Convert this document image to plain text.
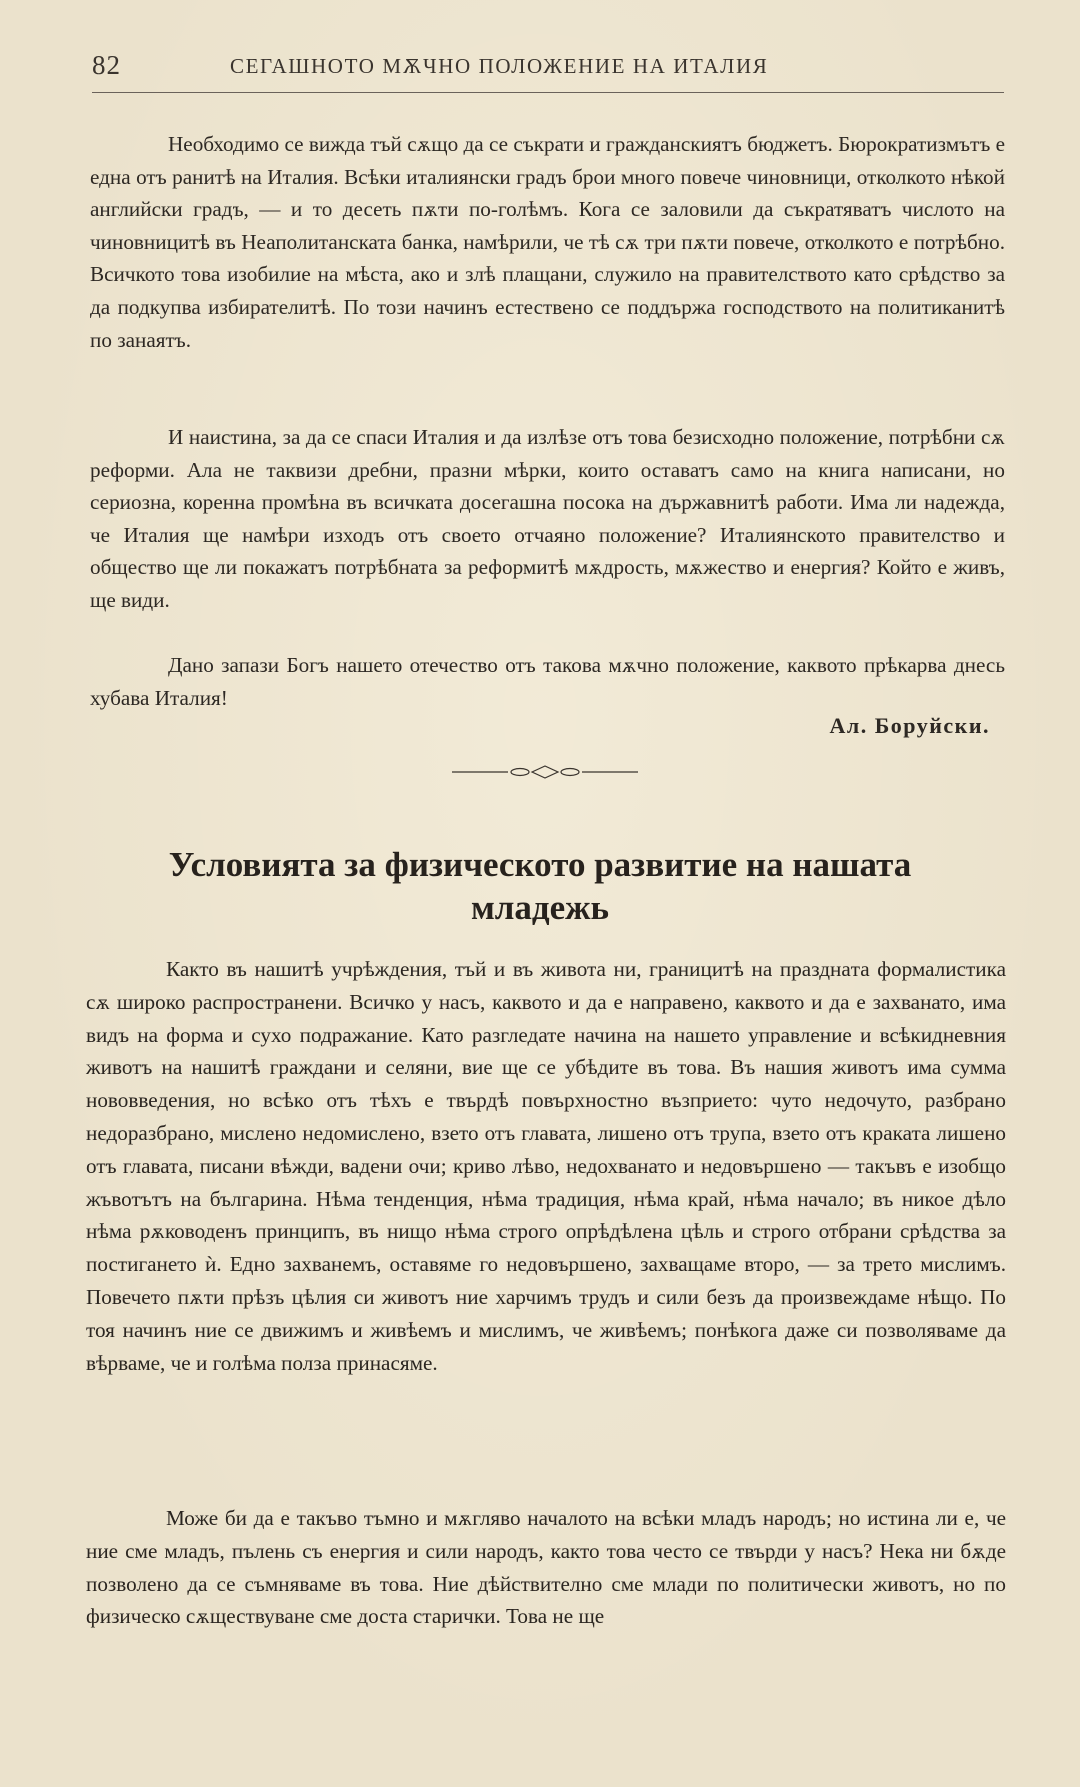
82	СЕГАШНОТО МѪЧНО ПОЛОЖЕНИЕ НА ИТАЛИЯ

Необходимо се вижда тъй сѫщо да се съкрати и гражданскиятъ бюджетъ. Бюрократизмътъ е една отъ ранитѣ на Италия. Всѣки италиянски градъ брои много повече чиновници, отколкото нѣкой английски градъ, — и то десеть пѫти по-голѣмъ. Кога се заловили да съкратяватъ числото на чиновницитѣ въ Неаполитанската банка, намѣрили, че тѣ сѫ три пѫти повече, отколкото е потрѣбно. Всичкото това изобилие на мѣста, ако и злѣ плащани, служило на правителството като срѣдство за да подкупва избирателитѣ. По този начинъ естествено се поддържа господството на политиканитѣ по занаятъ.

И наистина, за да се спаси Италия и да излѣзе отъ това безисходно положение, потрѣбни сѫ реформи. Ала не таквизи дребни, празни мѣрки, които оставатъ само на книга написани, но сериозна, коренна промѣна въ всичката досегашна посока на държавнитѣ работи. Има ли надежда, че Италия ще намѣри изходъ отъ своето отчаяно положение? Италиянското правителство и общество ще ли покажатъ потрѣбната за реформитѣ мѫдрость, мѫжество и енергия? Който е живъ, ще види.

Дано запази Богъ нашето отечество отъ такова мѫчно положение, каквото прѣкарва днесь хубава Италия!

Ал. Боруйски.
Условията за физическото развитие на нашата младежь

Както въ нашитѣ учрѣждения, тъй и въ живота ни, границитѣ на празднaта формалистика сѫ широко распространени. Всичко у насъ, каквото и да е направено, каквото и да е захванато, има видъ на форма и сухо подражание. Като разгледате начина на нашето управление и всѣкидневния животъ на нашитѣ граждани и селяни, вие ще се убѣдите въ това. Въ нашия животъ има сумма нововведения, но всѣко отъ тѣхъ е твърдѣ повърхностно възприето: чуто недочуто, разбрано недоразбрано, мислено недомислено, взето отъ главата, лишено отъ трупа, взето отъ краката лишено отъ главата, писани вѣжди, вадени очи; криво лѣво, недохванато и недовършено — такъвъ е изобщо жъвотътъ на българина. Нѣма тенденция, нѣма традиция, нѣма край, нѣма начало; въ никое дѣло нѣма рѫководенъ принципъ, въ нищо нѣма строго опрѣдѣлена цѣль и строго отбрани срѣдства за постигането ѝ. Едно захванемъ, оставяме го недовършено, захващаме второ, — за трето мислимъ. Повечето пѫти прѣзъ цѣлия си животъ ние харчимъ трудъ и сили безъ да произвеждаме нѣщо. По тоя начинъ ние се движимъ и живѣемъ и мислимъ, че живѣемъ; понѣкога даже си позволяваме да вѣрваме, че и голѣма полза принасяме.

Може би да е такъво тъмно и мѫгляво началото на всѣки младъ народъ; но истина ли е, че ние сме младъ, пълень съ енергия и сили народъ, както това често се твърди у насъ? Нека ни бѫде позволено да се съмняваме въ това. Ние дѣйствително сме млади по политически животъ, но по физическо сѫществуване сме доста старички. Това не ще
